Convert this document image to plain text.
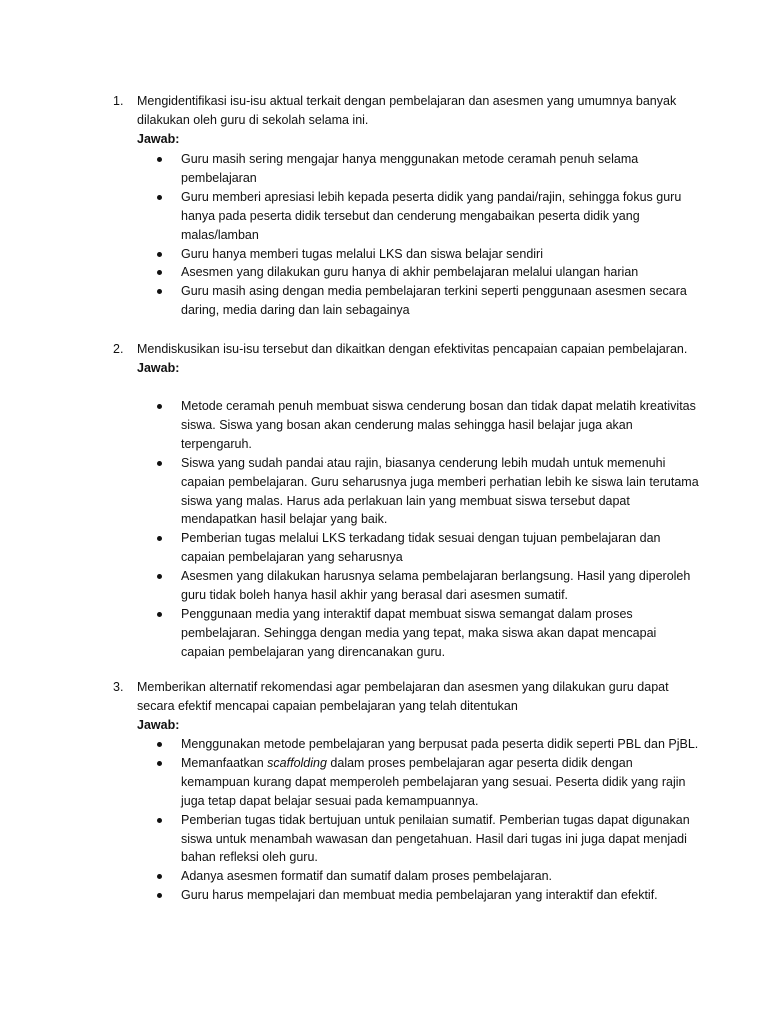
1. Mengidentifikasi isu-isu aktual terkait dengan pembelajaran dan asesmen yang umumnya banyak dilakukan oleh guru di sekolah selama ini.
Jawab:
Guru masih sering mengajar hanya menggunakan metode ceramah penuh selama pembelajaran
Guru memberi apresiasi lebih kepada peserta didik yang pandai/rajin, sehingga fokus guru hanya pada peserta didik tersebut dan cenderung mengabaikan peserta didik yang malas/lamban
Guru hanya memberi tugas melalui LKS dan siswa belajar sendiri
Asesmen yang dilakukan guru hanya di akhir pembelajaran melalui ulangan harian
Guru masih asing dengan media pembelajaran terkini seperti penggunaan asesmen secara daring, media daring dan lain sebagainya
2. Mendiskusikan isu-isu tersebut dan dikaitkan dengan efektivitas pencapaian capaian pembelajaran.
Jawab:
Metode ceramah penuh membuat siswa cenderung bosan dan tidak dapat melatih kreativitas siswa. Siswa yang bosan akan cenderung malas sehingga hasil belajar juga akan terpengaruh.
Siswa yang sudah pandai atau rajin, biasanya cenderung lebih mudah untuk memenuhi capaian pembelajaran. Guru seharusnya juga memberi perhatian lebih ke siswa lain terutama siswa yang malas. Harus ada perlakuan lain yang membuat siswa tersebut dapat mendapatkan hasil belajar yang baik.
Pemberian tugas melalui LKS terkadang tidak sesuai dengan tujuan pembelajaran dan capaian pembelajaran yang seharusnya
Asesmen yang dilakukan harusnya selama pembelajaran berlangsung. Hasil yang diperoleh guru tidak boleh hanya hasil akhir yang berasal dari asesmen sumatif.
Penggunaan media yang interaktif dapat membuat siswa semangat dalam proses pembelajaran. Sehingga dengan media yang tepat, maka siswa akan dapat mencapai capaian pembelajaran yang direncanakan guru.
3. Memberikan alternatif rekomendasi agar pembelajaran dan asesmen yang dilakukan guru dapat secara efektif mencapai capaian pembelajaran yang telah ditentukan
Jawab:
Menggunakan metode pembelajaran yang berpusat pada peserta didik seperti PBL dan PjBL.
Memanfaatkan scaffolding dalam proses pembelajaran agar peserta didik dengan kemampuan kurang dapat memperoleh pembelajaran yang sesuai. Peserta didik yang rajin juga tetap dapat belajar sesuai pada kemampuannya.
Pemberian tugas tidak bertujuan untuk penilaian sumatif. Pemberian tugas dapat digunakan siswa untuk menambah wawasan dan pengetahuan. Hasil dari tugas ini juga dapat menjadi bahan refleksi oleh guru.
Adanya asesmen formatif dan sumatif dalam proses pembelajaran.
Guru harus mempelajari dan membuat media pembelajaran yang interaktif dan efektif.
